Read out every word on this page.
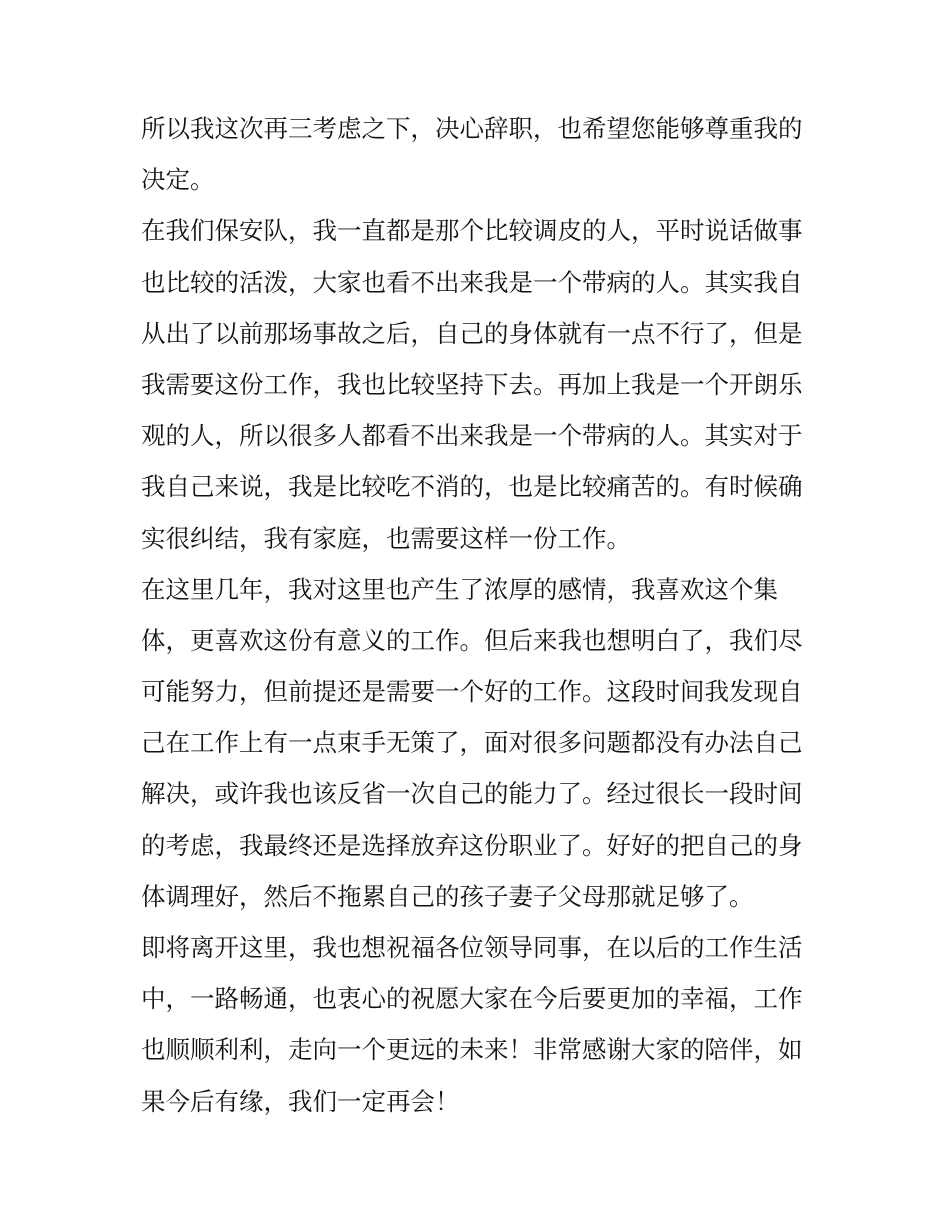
所以我这次再三考虑之下，决心辞职，也希望您能够尊重我的
决定。
在我们保安队，我一直都是那个比较调皮的人，平时说话做事
也比较的活泼，大家也看不出来我是一个带病的人。其实我自
从出了以前那场事故之后，自己的身体就有一点不行了，但是
我需要这份工作，我也比较坚持下去。再加上我是一个开朗乐
观的人，所以很多人都看不出来我是一个带病的人。其实对于
我自己来说，我是比较吃不消的，也是比较痛苦的。有时候确
实很纠结，我有家庭，也需要这样一份工作。
在这里几年，我对这里也产生了浓厚的感情，我喜欢这个集
体，更喜欢这份有意义的工作。但后来我也想明白了，我们尽
可能努力，但前提还是需要一个好的工作。这段时间我发现自
己在工作上有一点束手无策了，面对很多问题都没有办法自己
解决，或许我也该反省一次自己的能力了。经过很长一段时间
的考虑，我最终还是选择放弃这份职业了。好好的把自己的身
体调理好，然后不拖累自己的孩子妻子父母那就足够了。
即将离开这里，我也想祝福各位领导同事，在以后的工作生活
中，一路畅通，也衷心的祝愿大家在今后要更加的幸福，工作
也顺顺利利，走向一个更远的未来！非常感谢大家的陪伴，如
果今后有缘，我们一定再会！
